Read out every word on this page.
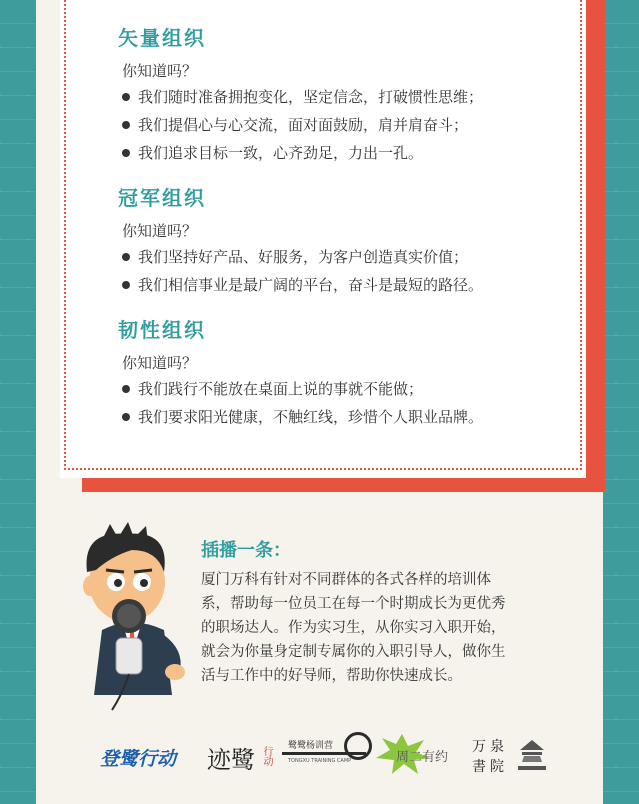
矢量组织
你知道吗？
我们随时准备拥抱变化，坚定信念，打破惯性思维；
我们提倡心与心交流，面对面鼓励，肩并肩奋斗；
我们追求目标一致，心齐劲足，力出一孔。
冠军组织
你知道吗？
我们坚持好产品、好服务，为客户创造真实价值；
我们相信事业是最广阔的平台，奋斗是最短的路径。
韧性组织
你知道吗？
我们践行不能放在桌面上说的事就不能做；
我们要求阳光健康，不触红线，珍惜个人职业品牌。
插播一条：
厦门万科有针对不同群体的各式各样的培训体
系，帮助每一位员工在每一个时期成长为更优秀
的职场达人。作为实习生，从你实习入职开始，
就会为你量身定制专属你的入职引导人，做你生
活与工作中的好导师，帮助你快速成长。
登鹭行动 迹鹭 行动 鹭鹭杨训营
TONGXU TRAINING CAMP	周二有约
万 泉
書 院
